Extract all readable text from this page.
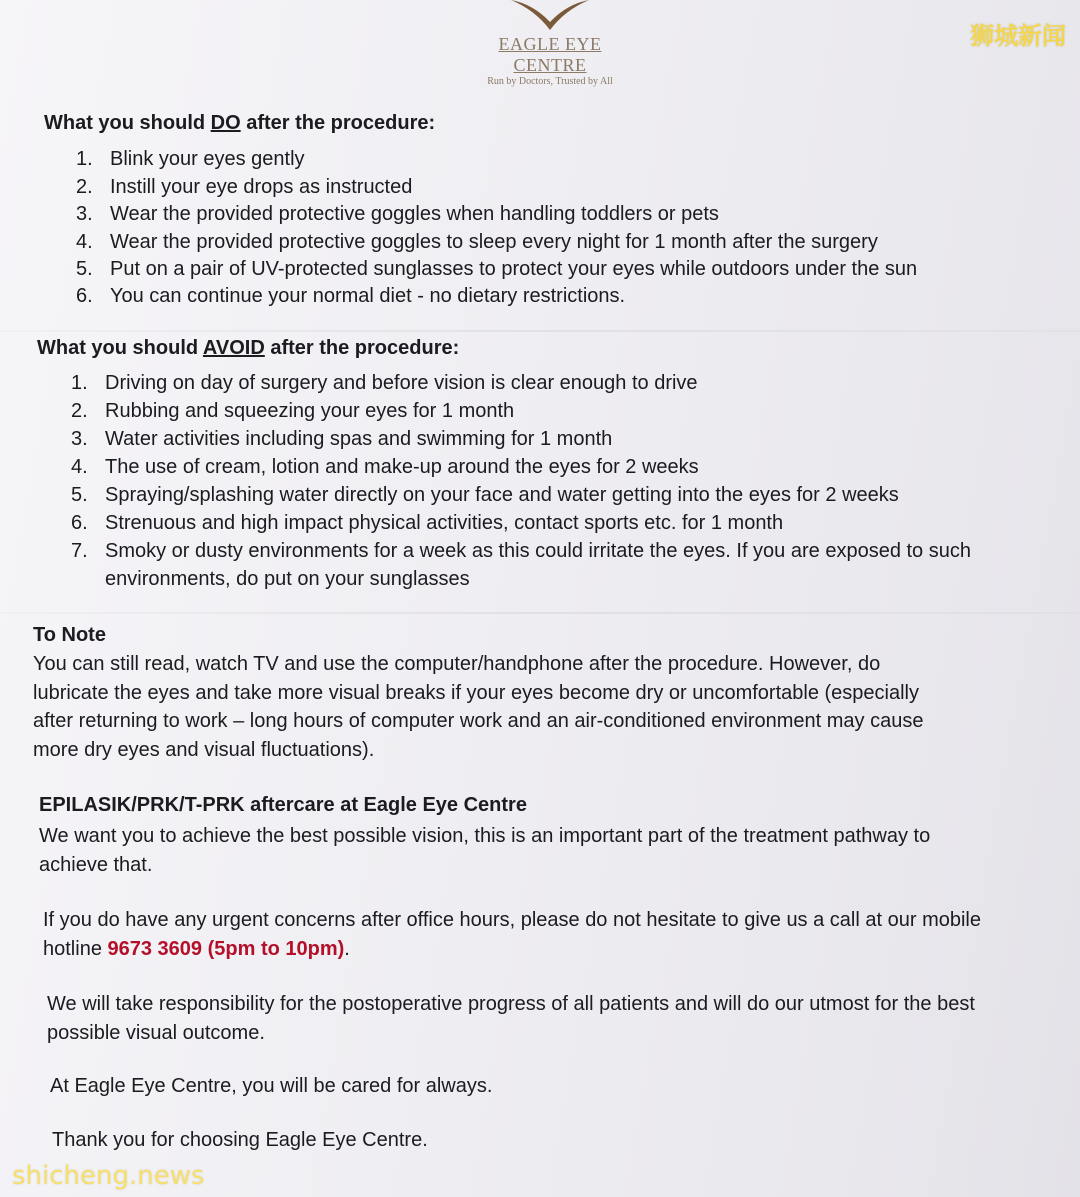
EAGLE EYE CENTRE
Run by Doctors, Trusted by All
狮城新闻
What you should DO after the procedure:
1. Blink your eyes gently
2. Instill your eye drops as instructed
3. Wear the provided protective goggles when handling toddlers or pets
4. Wear the provided protective goggles to sleep every night for 1 month after the surgery
5. Put on a pair of UV-protected sunglasses to protect your eyes while outdoors under the sun
6. You can continue your normal diet - no dietary restrictions.
What you should AVOID after the procedure:
1. Driving on day of surgery and before vision is clear enough to drive
2. Rubbing and squeezing your eyes for 1 month
3. Water activities including spas and swimming for 1 month
4. The use of cream, lotion and make-up around the eyes for 2 weeks
5. Spraying/splashing water directly on your face and water getting into the eyes for 2 weeks
6. Strenuous and high impact physical activities, contact sports etc. for 1 month
7. Smoky or dusty environments for a week as this could irritate the eyes. If you are exposed to such
environments, do put on your sunglasses
To Note
You can still read, watch TV and use the computer/handphone after the procedure. However, do
lubricate the eyes and take more visual breaks if your eyes become dry or uncomfortable (especially
after returning to work – long hours of computer work and an air-conditioned environment may cause
more dry eyes and visual fluctuations).
EPILASIK/PRK/T-PRK aftercare at Eagle Eye Centre
We want you to achieve the best possible vision, this is an important part of the treatment pathway to
achieve that.
If you do have any urgent concerns after office hours, please do not hesitate to give us a call at our mobile
hotline 9673 3609 (5pm to 10pm).
We will take responsibility for the postoperative progress of all patients and will do our utmost for the best
possible visual outcome.
At Eagle Eye Centre, you will be cared for always.
Thank you for choosing Eagle Eye Centre.
shicheng.news
